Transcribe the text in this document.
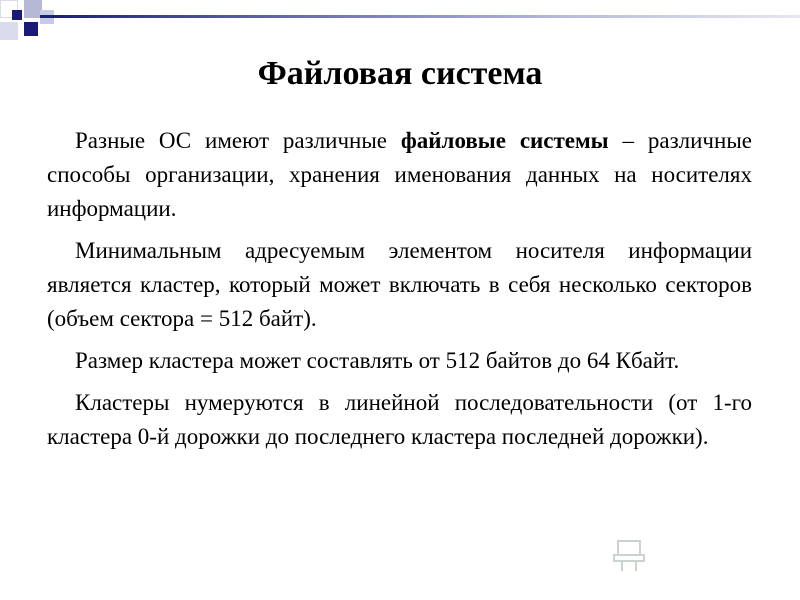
Файловая система

Разные ОС имеют различные файловые системы – различные способы организации, хранения именования данных на носителях информации.

Минимальным адресуемым элементом носителя информации является кластер, который может включать в себя несколько секторов (объем сектора = 512 байт).

Размер кластера может составлять от 512 байтов до 64 Кбайт.

Кластеры нумеруются в линейной последовательности (от 1-го кластера 0-й дорожки до последнего кластера последней дорожки).
